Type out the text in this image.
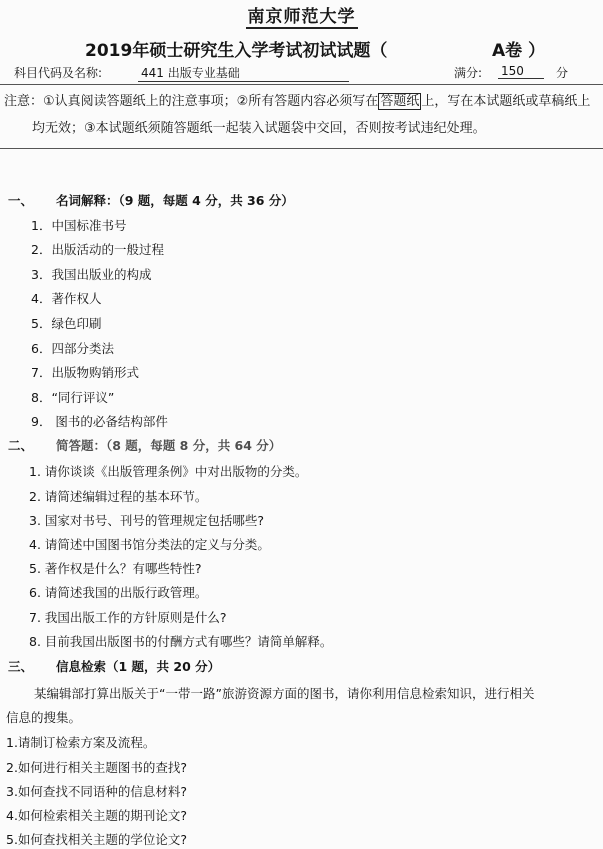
南京师范大学
2019年硕士研究生入学考试初试试题（	A卷 ）
科目代码及名称:	441 出版专业基础	满分: 150	分
注意：①认真阅读答题纸上的注意事项；②所有答题内容必须写在 答题纸 上，写在本试题纸或草稿纸上
均无效；③本试题纸须随答题纸一起装入试题袋中交回，否则按考试违纪处理。
一、 名词解释：（9 题，每题 4 分，共 36 分）
1．中国标准书号
2．出版活动的一般过程
3．我国出版业的构成
4．著作权人
5．绿色印刷
6．四部分类法
7．出版物购销形式
8．“同行评议”
9． 图书的必备结构部件
二、 简答题：（8 题，每题 8 分，共 64 分）
1. 请你谈谈《出版管理条例》中对出版物的分类。
2. 请简述编辑过程的基本环节。
3. 国家对书号、刊号的管理规定包括哪些?
4. 请简述中国图书馆分类法的定义与分类。
5. 著作权是什么？有哪些特性?
6. 请简述我国的出版行政管理。
7. 我国出版工作的方针原则是什么?
8. 目前我国出版图书的付酬方式有哪些？请简单解释。
三、 信息检索（1 题，共 20 分）
某编辑部打算出版关于“一带一路”旅游资源方面的图书，请你利用信息检索知识，进行相关
信息的搜集。
1.请制订检索方案及流程。
2.如何进行相关主题图书的查找?
3.如何查找不同语种的信息材料?
4.如何检索相关主题的期刊论文?
5.如何查找相关主题的学位论文?
